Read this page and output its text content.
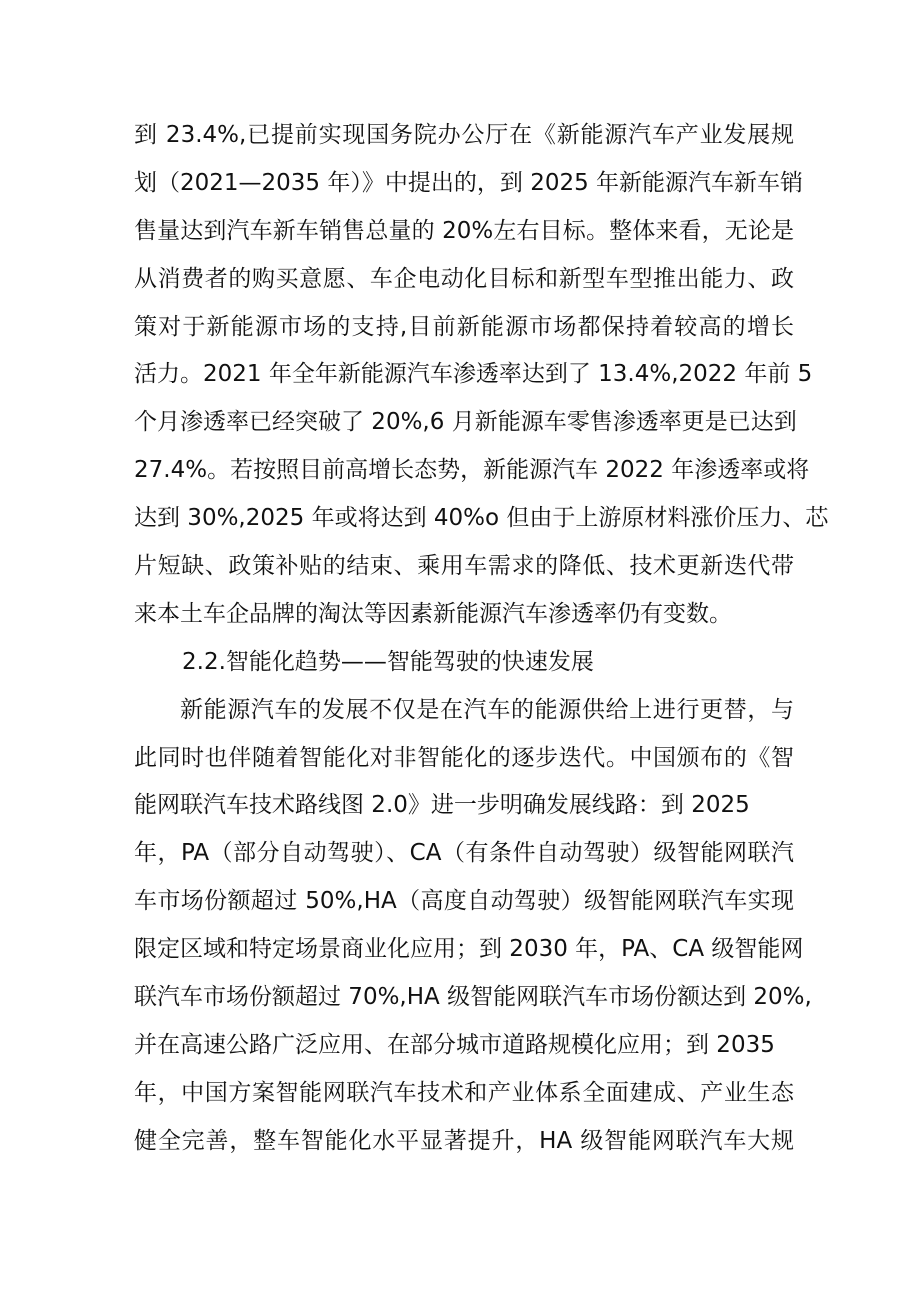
到 23.4%,已提前实现国务院办公厅在《新能源汽车产业发展规
划（2021—2035 年）》中提出的，到 2025 年新能源汽车新车销
售量达到汽车新车销售总量的 20%左右目标。整体来看，无论是
从消费者的购买意愿、车企电动化目标和新型车型推出能力、政
策对于新能源市场的支持,目前新能源市场都保持着较高的增长
活力。2021 年全年新能源汽车渗透率达到了 13.4%,2022 年前 5
个月渗透率已经突破了 20%,6 月新能源车零售渗透率更是已达到
27.4%。若按照目前高增长态势，新能源汽车 2022 年渗透率或将
达到 30%,2025 年或将达到 40%o 但由于上游原材料涨价压力、芯
片短缺、政策补贴的结束、乘用车需求的降低、技术更新迭代带
来本土车企品牌的淘汰等因素新能源汽车渗透率仍有变数。
2.2.智能化趋势——智能驾驶的快速发展
新能源汽车的发展不仅是在汽车的能源供给上进行更替，与
此同时也伴随着智能化对非智能化的逐步迭代。中国颁布的《智
能网联汽车技术路线图 2.0》进一步明确发展线路：到 2025
年，PA（部分自动驾驶）、CA（有条件自动驾驶）级智能网联汽
车市场份额超过 50%,HA（高度自动驾驶）级智能网联汽车实现
限定区域和特定场景商业化应用；到 2030 年，PA、CA 级智能网
联汽车市场份额超过 70%,HA 级智能网联汽车市场份额达到 20%,
并在高速公路广泛应用、在部分城市道路规模化应用；到 2035
年，中国方案智能网联汽车技术和产业体系全面建成、产业生态
健全完善，整车智能化水平显著提升，HA 级智能网联汽车大规
